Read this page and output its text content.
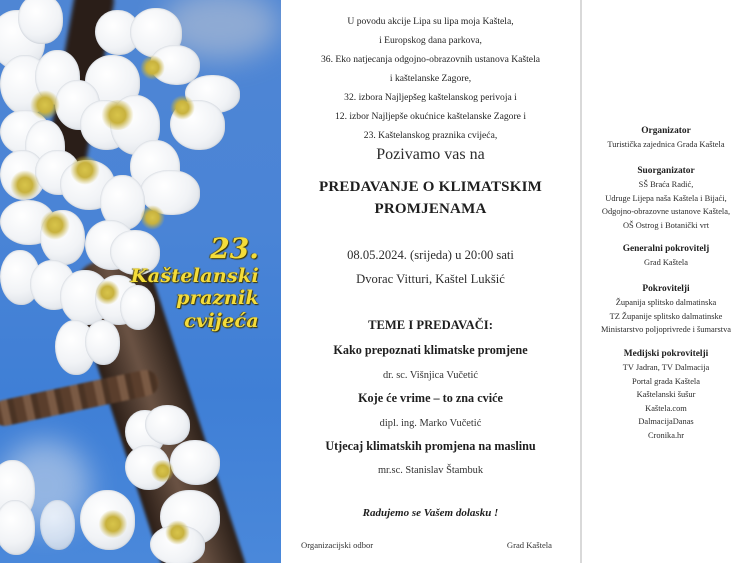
23.
Kaštelanski
praznik
cvijeća
U povodu akcije Lipa su lipa moja Kaštela,
i Europskog dana parkova,
36. Eko natjecanja odgojno-obrazovnih ustanova Kaštela
i kaštelanske Zagore,
32. izbora Najljepšeg kaštelanskog perivoja i
12. izbor Najljepše okućnice kaštelanske Zagore i
23. Kaštelanskog praznika cvijeća,
Pozivamo vas na
PREDAVANJE O KLIMATSKIM
PROMJENAMA
08.05.2024. (srijeda) u 20:00 sati
Dvorac Vitturi, Kaštel Lukšić
TEME I PREDAVAČI:
Kako prepoznati klimatske promjene
dr. sc. Višnjica Vučetić
Koje će vrime – to zna cviće
dipl. ing. Marko Vučetić
Utjecaj klimatskih promjena na maslinu
mr.sc. Stanislav Štambuk
Radujemo se Vašem dolasku !
Organizacijski odbor	Grad Kaštela
Organizator
Turistička zajednica Grada Kaštela
Suorganizator
SŠ Braća Radić,
Udruge Lijepa naša Kaštela i Bijaći,
Odgojno-obrazovne ustanove Kaštela,
OŠ Ostrog i Botanički vrt
Generalni pokrovitelj
Grad Kaštela
Pokrovitelji
Županija splitsko dalmatinska
TZ Županije splitsko dalmatinske
Ministarstvo poljoprivrede i šumarstva
Medijski pokrovitelji
TV Jadran, TV Dalmacija
Portal grada Kaštela
Kaštelanski šušur
Kaštela.com
DalmacijaDanas
Cronika.hr
